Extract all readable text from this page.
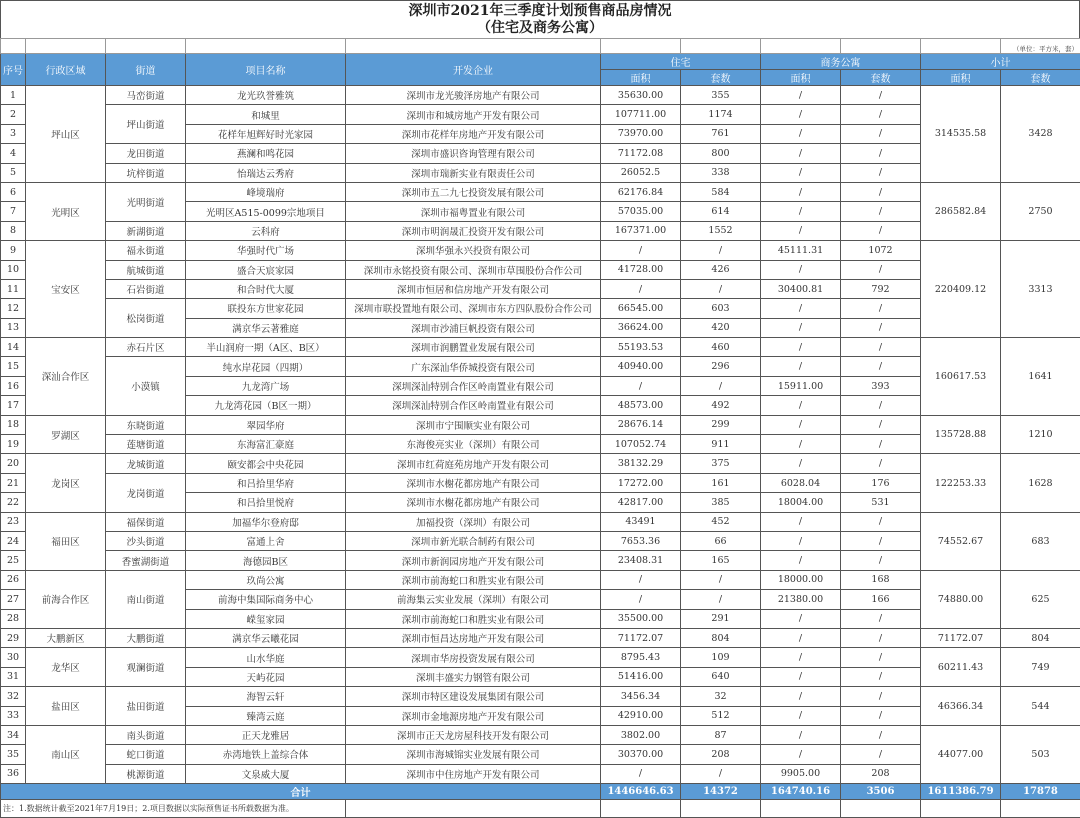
深圳市2021年三季度计划预售商品房情况
（住宅及商务公寓）
										（单位：平方米，套）
序号	行政区域	街道	项目名称	开发企业	住宅		商务公寓		小计	
					面积	套数	面积	套数	面积	套数
1	坪山区	马峦街道	龙光玖誉雅筑	深圳市龙光骏泽房地产有限公司	35630.00	355	/	/	314535.58	3428
2		坪山街道	和城里	深圳市和城房地产开发有限公司	107711.00	1174	/	/		
3			花样年旭辉好时光家园	深圳市花样年房地产开发有限公司	73970.00	761	/	/		
4		龙田街道	燕澜和鸣花园	深圳市盛识咨询管理有限公司	71172.08	800	/	/		
5		坑梓街道	怡瑞达云秀府	深圳市瑞新实业有限责任公司	26052.5	338	/	/		
6	光明区	光明街道	峰境瑞府	深圳市五二九七投资发展有限公司	62176.84	584	/	/	286582.84	2750
7			光明区A515-0099宗地项目	深圳市福粤置业有限公司	57035.00	614	/	/		
8		新湖街道	云科府	深圳市明润晟汇投资开发有限公司	167371.00	1552	/	/		
9	宝安区	福永街道	华强时代广场	深圳华强永兴投资有限公司	/	/	45111.31	1072	220409.12	3313
10		航城街道	盛合天宸家园	深圳市永铭投资有限公司、深圳市草围股份合作公司	41728.00	426	/	/		
11		石岩街道	和合时代大厦	深圳市恒居和信房地产开发有限公司	/	/	30400.81	792		
12		松岗街道	联投东方世家花园	深圳市联投置地有限公司、深圳市东方四队股份合作公司	66545.00	603	/	/		
13			满京华云著雅庭	深圳市沙浦巨帆投资有限公司	36624.00	420	/	/		
14	深汕合作区	赤石片区	半山润府一期（A区、B区）	深圳市润鹏置业发展有限公司	55193.53	460	/	/	160617.53	1641
15		小漠镇	纯水岸花园（四期）	广东深汕华侨城投资有限公司	40940.00	296	/	/		
16			九龙湾广场	深圳深汕特别合作区岭南置业有限公司	/	/	15911.00	393		
17			九龙湾花园（B区一期）	深圳深汕特别合作区岭南置业有限公司	48573.00	492	/	/		
18	罗湖区	东晓街道	翠园华府	深圳市宁围顺实业有限公司	28676.14	299	/	/	135728.88	1210
19		莲塘街道	东海富汇豪庭	东海俊亮实业（深圳）有限公司	107052.74	911	/	/		
20	龙岗区	龙城街道	颐安都会中央花园	深圳市红荷庭苑房地产开发有限公司	38132.29	375	/	/	122253.33	1628
21		龙岗街道	和吕拾里华府	深圳市水榭花都房地产有限公司	17272.00	161	6028.04	176		
22			和吕拾里悦府	深圳市水榭花都房地产有限公司	42817.00	385	18004.00	531		
23	福田区	福保街道	加福华尔登府邸	加福投资（深圳）有限公司	43491	452	/	/	74552.67	683
24		沙头街道	富通上舍	深圳市新光联合制药有限公司	7653.36	66	/	/		
25		香蜜湖街道	海德园B区	深圳市新润园房地产开发有限公司	23408.31	165	/	/		
26	前海合作区	南山街道	玖尚公寓	深圳市前海蛇口和胜实业有限公司	/	/	18000.00	168	74880.00	625
27			前海中集国际商务中心	前海集云实业发展（深圳）有限公司	/	/	21380.00	166		
28			嵘玺家园	深圳市前海蛇口和胜实业有限公司	35500.00	291	/	/		
29	大鹏新区	大鹏街道	满京华云曦花园	深圳市恒昌达房地产开发有限公司	71172.07	804	/	/	71172.07	804
30	龙华区	观澜街道	山水华庭	深圳市华房投资发展有限公司	8795.43	109	/	/	60211.43	749
31			天屿花园	深圳丰盛实力钢管有限公司	51416.00	640	/	/		
32	盐田区	盐田街道	海智云轩	深圳市特区建设发展集团有限公司	3456.34	32	/	/	46366.34	544
33			臻湾云庭	深圳市金地源房地产开发有限公司	42910.00	512	/	/		
34	南山区	南头街道	正天龙雅居	深圳市正天龙房屋科技开发有限公司	3802.00	87	/	/	44077.00	503
35		蛇口街道	赤湾地铁上盖综合体	深圳市海城锦实业发展有限公司	30370.00	208	/	/		
36		桃源街道	文泉威大厦	深圳市中住房地产开发有限公司	/	/	9905.00	208		
合计					1446646.63	14372	164740.16	3506	1611386.79	17878
注：1.数据统计截至2021年7月19日；2.项目数据以实际预售证书所载数据为准。										
